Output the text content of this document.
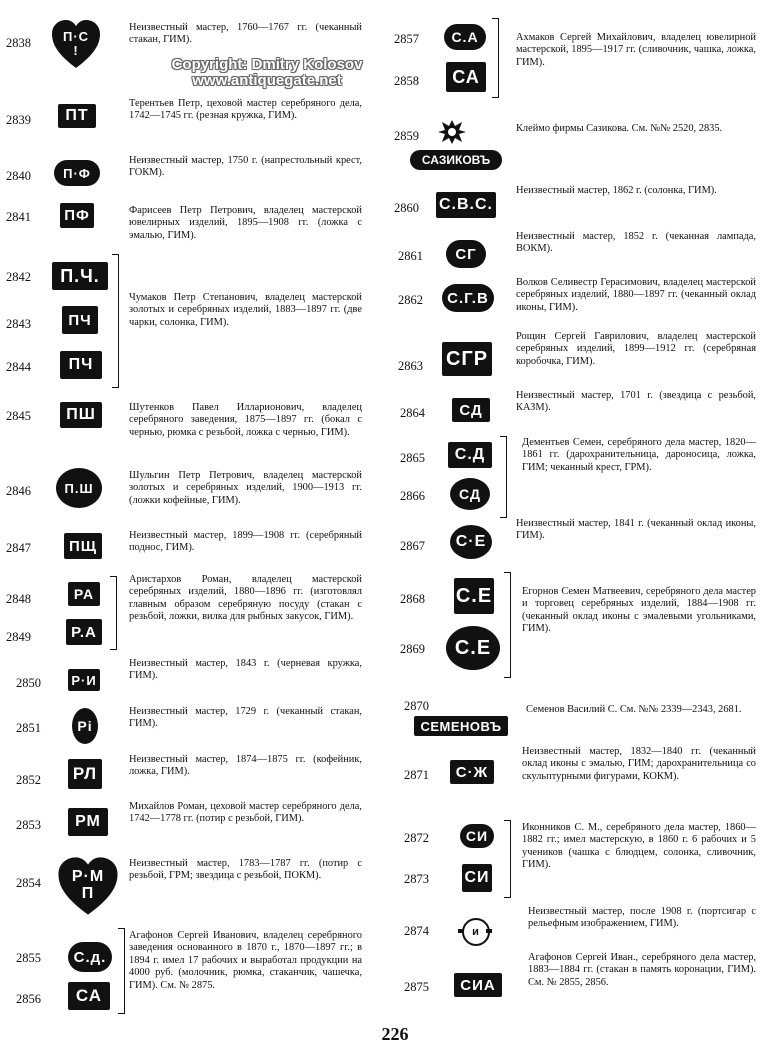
2838	П·С
!
Неизвестный мастер, 1760—1767 гг. (чеканный стакан, ГИМ).
2839	ПТ
Терентьев Петр, цеховой мастер серебряного дела, 1742—1745 гг. (резная кружка, ГИМ).
2840	П·Ф
Неизвестный мастер, 1750 г. (напрестольный крест, ГОКМ).
2841	ПФ	Фарисеев Петр Петрович, владелец мастерской ювелирных изделий, 1895—1908 гг. (ложка с эмалью, ГИМ).
2842	П.Ч.
2843	ПЧ
2844	ПЧ
Чумаков Петр Степанович, владелец мастерской золотых и серебряных изделий, 1883—1897 гг. (две чарки, солонка, ГИМ).
2845	ПШ	Шутенков Павел Илларионович, владелец серебряного заведения, 1875—1897 гг. (бокал с чернью, рюмка с резьбой, ложка с чернью, ГИМ).
2846	П.Ш
Шульгин Петр Петрович, владелец мастерской золотых и серебряных изделий, 1900—1913 гг. (ложки кофейные, ГИМ).
2847	ПЩ
Неизвестный мастер, 1899—1908 гг. (серебряный поднос, ГИМ).
2848	РА
2849	Р.А
Аристархов Роман, владелец мастерской серебряных изделий, 1880—1896 гг. (изготовлял главным образом серебряную посуду (стакан с резьбой, ложки, вилка для рыбных закусок, ГИМ).
2850	Р·И
Неизвестный мастер, 1843 г. (черневая кружка, ГИМ).
2851	Рi
Неизвестный мастер, 1729 г. (чеканный стакан, ГИМ).
2852	РЛ
Неизвестный мастер, 1874—1875 гг. (кофейник, ложка, ГИМ).
2853	РМ
Михайлов Роман, цеховой мастер серебряного дела, 1742—1778 гг. (потир с резьбой, ГИМ).
2854	Р·М
П
Неизвестный мастер, 1783—1787 гг. (потир с резьбой, ГРМ; звездица с резьбой, ПОКМ).
2855	С.д.
2856	СА
Агафонов Сергей Иванович, владелец серебряного заведения основанного в 1870 г., 1870—1897 гг.; в 1894 г. имел 17 рабочих и выработал продукции на 4000 руб. (молочник, рюмка, стаканчик, чашечка, ГИМ). См. № 2875.
2857	С.А
2858	СА
Ахмаков Сергей Михайлович, владелец ювелирной мастерской, 1895—1917 гг. (сливочник, чашка, ложка, ГИМ).
2859
САЗИКОВЪ
Клеймо фирмы Сазикова. См. №№ 2520, 2835.
2860	С.В.С.
Неизвестный мастер, 1862 г. (солонка, ГИМ).
2861	СГ
Неизвестный мастер, 1852 г. (чеканная лампада, ВОКМ).
2862	С.Г.В
Волков Селивестр Герасимович, владелец мастерской серебряных изделий, 1880—1897 гг. (чеканный оклад иконы, ГИМ).
2863	СГР
Рощин Сергей Гаврилович, владелец мастерской серебряных изделий, 1899—1912 гг. (серебряная коробочка, ГИМ).
2864	СД
Неизвестный мастер, 1701 г. (звездица с резьбой, КАЗМ).
2865	С.Д
2866	СД
Дементьев Семен, серебряного дела мастер, 1820—1861 гг. (дарохранительница, дароносица, ложка, ГИМ; чеканный крест, ГРМ).
2867	С·Е
Неизвестный мастер, 1841 г. (чеканный оклад иконы, ГИМ).
2868	С.Е
2869	С.Е
Егорнов Семен Матвеевич, серебряного дела мастер и торговец серебряных изделий, 1884—1908 гг. (чеканный оклад иконы с эмалевыми угольниками, ГИМ).
2870
СЕМЕНОВЪ
Семенов Василий С. См. №№ 2339—2343, 2681.
2871	С·Ж
Неизвестный мастер, 1832—1840 гг. (чеканный оклад иконы с эмалью, ГИМ; дарохранительница со скульптурными фигурами, КОКМ).
2872	СИ
2873	СИ
Иконников С. М., серебряного дела мастер, 1860—1882 гг.; имел мастерскую, в 1860 г. 6 рабочих и 5 учеников (чашка с блюдцем, солонка, сливочник, ГИМ).
2874	и
Неизвестный мастер, после 1908 г. (портсигар с рельефным изображением, ГИМ).
2875	СИА
Агафонов Сергей Иван., серебряного дела мастер, 1883—1884 гг. (стакан в память коронации, ГИМ). См. № 2855, 2856.
Copyright: Dmitry Kolosov
www.antiquegate.net
226
